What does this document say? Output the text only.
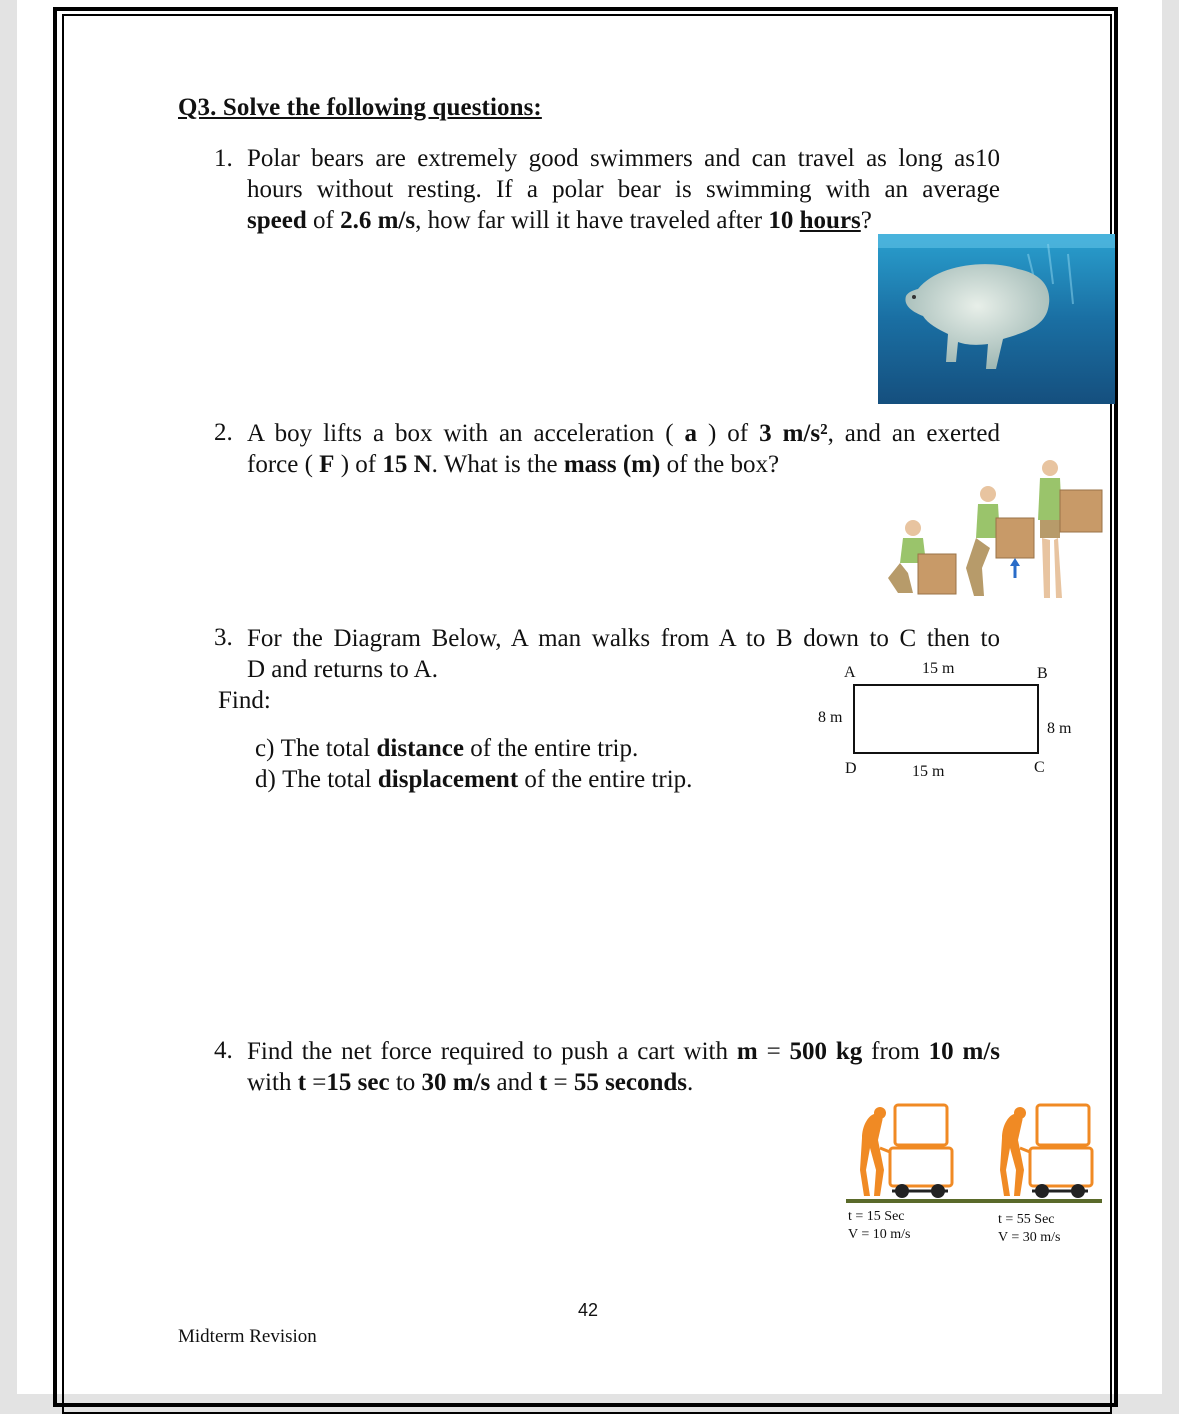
Q3. Solve the following questions:
1. Polar bears are extremely good swimmers and can travel as long as10
hours without resting. If a polar bear is swimming with an average
speed of 2.6 m/s, how far will it have traveled after 10 hours?
2. A boy lifts a box with an acceleration ( a ) of 3 m/s², and an exerted
force ( F ) of 15 N. What is the mass (m) of the box?
3. For the Diagram Below, A man walks from A to B down to C then to
D and returns to A.
Find:
c) The total distance of the entire trip.
d) The total displacement of the entire trip.
A	15 m	B
8 m
8 m
D	15 m	C
4. Find the net force required to push a cart with m = 500 kg from 10 m/s
with t =15 sec to 30 m/s and t = 55 seconds.
t = 15 Sec
V = 10 m/s
t = 55 Sec
V = 30 m/s
42
Midterm Revision
